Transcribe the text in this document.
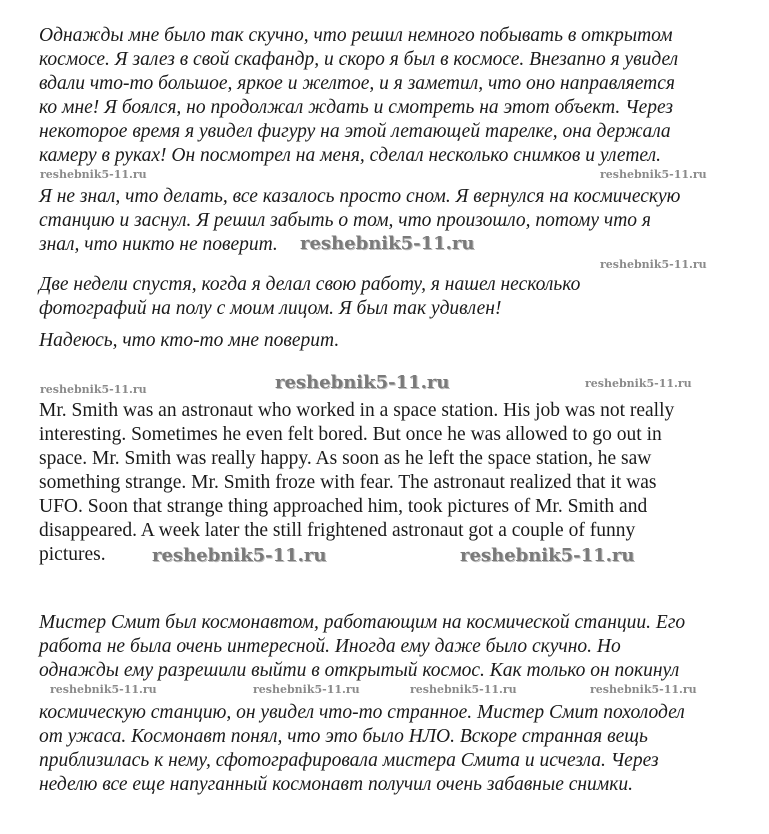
Однажды мне было так скучно, что решил немного побывать в открытом
космосе. Я залез в свой скафандр, и скоро я был в космосе. Внезапно я увидел
вдали что-то большое, яркое и желтое, и я заметил, что оно направляется
ко мне! Я боялся, но продолжал ждать и смотреть на этот объект. Через
некоторое время я увидел фигуру на этой летающей тарелке, она держала
камеру в руках! Он посмотрел на меня, сделал несколько снимков и улетел.
Я не знал, что делать, все казалось просто сном. Я вернулся на космическую
станцию и заснул. Я решил забыть о том, что произошло, потому что я
знал, что никто не поверит.
Две недели спустя, когда я делал свою работу, я нашел несколько
фотографий на полу с моим лицом. Я был так удивлен!
Надеюсь, что кто-то мне поверит.
Mr. Smith was an astronaut who worked in a space station. His job was not really
interesting. Sometimes he even felt bored. But once he was allowed to go out in
space. Mr. Smith was really happy. As soon as he left the space station, he saw
something strange. Mr. Smith froze with fear. The astronaut realized that it was
UFO. Soon that strange thing approached him, took pictures of Mr. Smith and
disappeared. A week later the still frightened astronaut got a couple of funny
pictures.
Мистер Смит был космонавтом, работающим на космической станции. Его
работа не была очень интересной. Иногда ему даже было скучно. Но
однажды ему разрешили выйти в открытый космос. Как только он покинул
космическую станцию, он увидел что-то странное. Мистер Смит похолодел
от ужаса. Космонавт понял, что это было НЛО. Вскоре странная вещь
приблизилась к нему, сфотографировала мистера Смита и исчезла. Через
неделю все еще напуганный космонавт получил очень забавные снимки.
reshebnik5-11.ru	reshebnik5-11.ru
reshebnik5-11.ru
reshebnik5-11.ru
reshebnik5-11.ru	reshebnik5-11.ru	reshebnik5-11.ru
reshebnik5-11.ru	reshebnik5-11.ru
reshebnik5-11.ru	reshebnik5-11.ru	reshebnik5-11.ru	reshebnik5-11.ru
